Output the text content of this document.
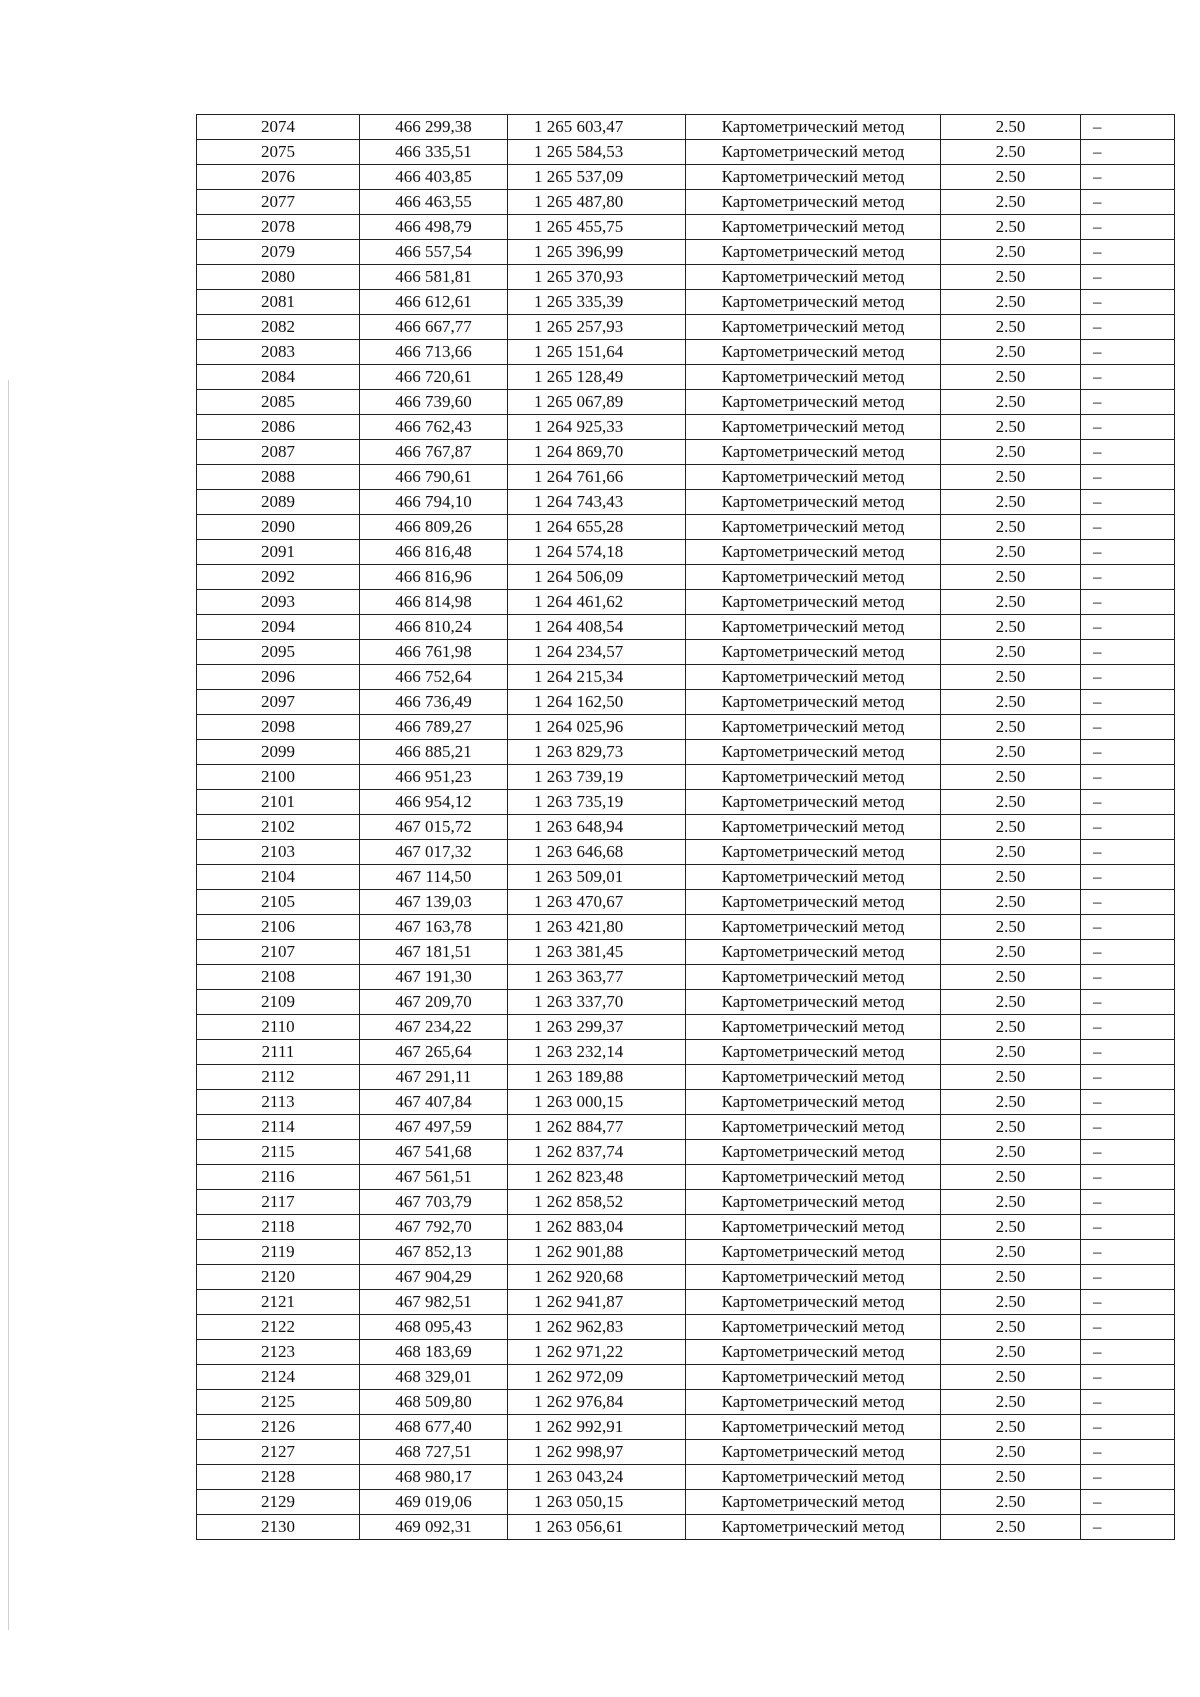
2074	466 299,38	1 265 603,47	Картометрический метод	2.50	–
2075	466 335,51	1 265 584,53	Картометрический метод	2.50	–
2076	466 403,85	1 265 537,09	Картометрический метод	2.50	–
2077	466 463,55	1 265 487,80	Картометрический метод	2.50	–
2078	466 498,79	1 265 455,75	Картометрический метод	2.50	–
2079	466 557,54	1 265 396,99	Картометрический метод	2.50	–
2080	466 581,81	1 265 370,93	Картометрический метод	2.50	–
2081	466 612,61	1 265 335,39	Картометрический метод	2.50	–
2082	466 667,77	1 265 257,93	Картометрический метод	2.50	–
2083	466 713,66	1 265 151,64	Картометрический метод	2.50	–
2084	466 720,61	1 265 128,49	Картометрический метод	2.50	–
2085	466 739,60	1 265 067,89	Картометрический метод	2.50	–
2086	466 762,43	1 264 925,33	Картометрический метод	2.50	–
2087	466 767,87	1 264 869,70	Картометрический метод	2.50	–
2088	466 790,61	1 264 761,66	Картометрический метод	2.50	–
2089	466 794,10	1 264 743,43	Картометрический метод	2.50	–
2090	466 809,26	1 264 655,28	Картометрический метод	2.50	–
2091	466 816,48	1 264 574,18	Картометрический метод	2.50	–
2092	466 816,96	1 264 506,09	Картометрический метод	2.50	–
2093	466 814,98	1 264 461,62	Картометрический метод	2.50	–
2094	466 810,24	1 264 408,54	Картометрический метод	2.50	–
2095	466 761,98	1 264 234,57	Картометрический метод	2.50	–
2096	466 752,64	1 264 215,34	Картометрический метод	2.50	–
2097	466 736,49	1 264 162,50	Картометрический метод	2.50	–
2098	466 789,27	1 264 025,96	Картометрический метод	2.50	–
2099	466 885,21	1 263 829,73	Картометрический метод	2.50	–
2100	466 951,23	1 263 739,19	Картометрический метод	2.50	–
2101	466 954,12	1 263 735,19	Картометрический метод	2.50	–
2102	467 015,72	1 263 648,94	Картометрический метод	2.50	–
2103	467 017,32	1 263 646,68	Картометрический метод	2.50	–
2104	467 114,50	1 263 509,01	Картометрический метод	2.50	–
2105	467 139,03	1 263 470,67	Картометрический метод	2.50	–
2106	467 163,78	1 263 421,80	Картометрический метод	2.50	–
2107	467 181,51	1 263 381,45	Картометрический метод	2.50	–
2108	467 191,30	1 263 363,77	Картометрический метод	2.50	–
2109	467 209,70	1 263 337,70	Картометрический метод	2.50	–
2110	467 234,22	1 263 299,37	Картометрический метод	2.50	–
2111	467 265,64	1 263 232,14	Картометрический метод	2.50	–
2112	467 291,11	1 263 189,88	Картометрический метод	2.50	–
2113	467 407,84	1 263 000,15	Картометрический метод	2.50	–
2114	467 497,59	1 262 884,77	Картометрический метод	2.50	–
2115	467 541,68	1 262 837,74	Картометрический метод	2.50	–
2116	467 561,51	1 262 823,48	Картометрический метод	2.50	–
2117	467 703,79	1 262 858,52	Картометрический метод	2.50	–
2118	467 792,70	1 262 883,04	Картометрический метод	2.50	–
2119	467 852,13	1 262 901,88	Картометрический метод	2.50	–
2120	467 904,29	1 262 920,68	Картометрический метод	2.50	–
2121	467 982,51	1 262 941,87	Картометрический метод	2.50	–
2122	468 095,43	1 262 962,83	Картометрический метод	2.50	–
2123	468 183,69	1 262 971,22	Картометрический метод	2.50	–
2124	468 329,01	1 262 972,09	Картометрический метод	2.50	–
2125	468 509,80	1 262 976,84	Картометрический метод	2.50	–
2126	468 677,40	1 262 992,91	Картометрический метод	2.50	–
2127	468 727,51	1 262 998,97	Картометрический метод	2.50	–
2128	468 980,17	1 263 043,24	Картометрический метод	2.50	–
2129	469 019,06	1 263 050,15	Картометрический метод	2.50	–
2130	469 092,31	1 263 056,61	Картометрический метод	2.50	–
